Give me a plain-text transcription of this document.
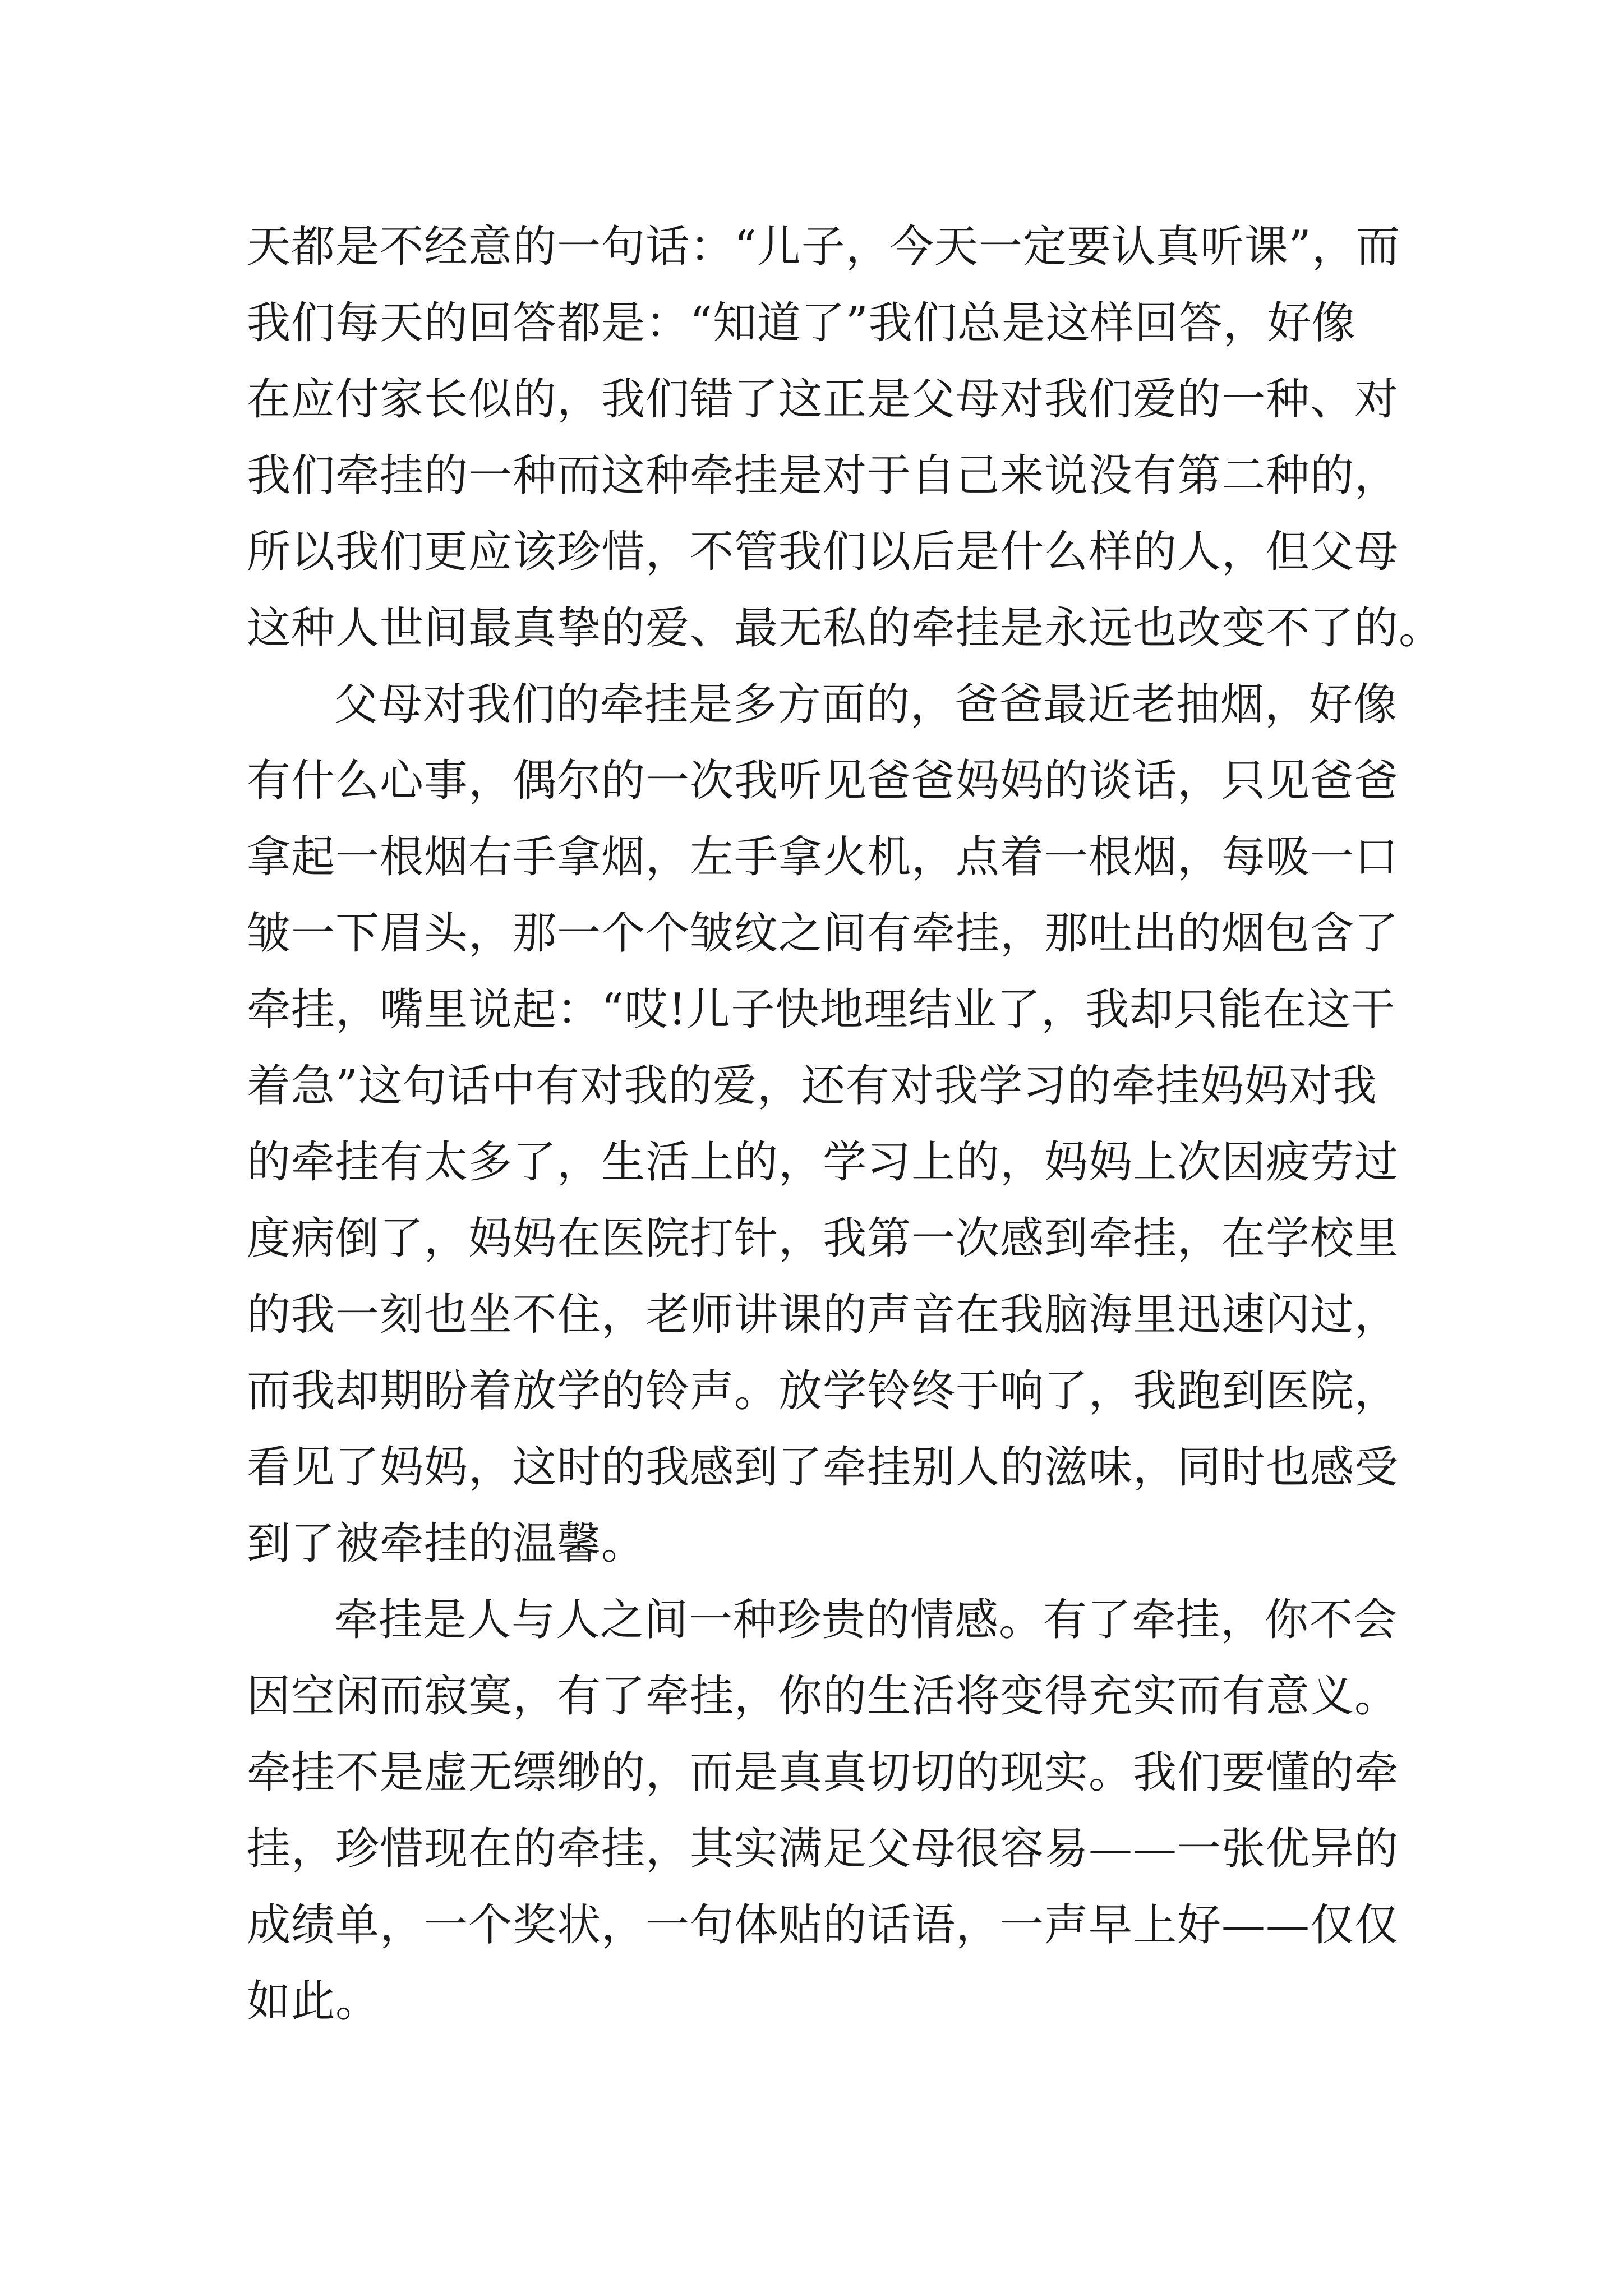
天都是不经意的一句话：“儿子，今天一定要认真听课”，而
我们每天的回答都是：“知道了”我们总是这样回答，好像
在应付家长似的，我们错了这正是父母对我们爱的一种、对
我们牵挂的一种而这种牵挂是对于自己来说没有第二种的，
所以我们更应该珍惜，不管我们以后是什么样的人，但父母
这种人世间最真挚的爱、最无私的牵挂是永远也改变不了的。
父母对我们的牵挂是多方面的，爸爸最近老抽烟，好像
有什么心事，偶尔的一次我听见爸爸妈妈的谈话，只见爸爸
拿起一根烟右手拿烟，左手拿火机，点着一根烟，每吸一口
皱一下眉头，那一个个皱纹之间有牵挂，那吐出的烟包含了
牵挂，嘴里说起：“哎!儿子快地理结业了，我却只能在这干
着急”这句话中有对我的爱，还有对我学习的牵挂妈妈对我
的牵挂有太多了，生活上的，学习上的，妈妈上次因疲劳过
度病倒了，妈妈在医院打针，我第一次感到牵挂，在学校里
的我一刻也坐不住，老师讲课的声音在我脑海里迅速闪过，
而我却期盼着放学的铃声。放学铃终于响了，我跑到医院，
看见了妈妈，这时的我感到了牵挂别人的滋味，同时也感受
到了被牵挂的温馨。
牵挂是人与人之间一种珍贵的情感。有了牵挂，你不会
因空闲而寂寞，有了牵挂，你的生活将变得充实而有意义。
牵挂不是虚无缥缈的，而是真真切切的现实。我们要懂的牵
挂，珍惜现在的牵挂，其实满足父母很容易——一张优异的
成绩单，一个奖状，一句体贴的话语，一声早上好——仅仅
如此。
